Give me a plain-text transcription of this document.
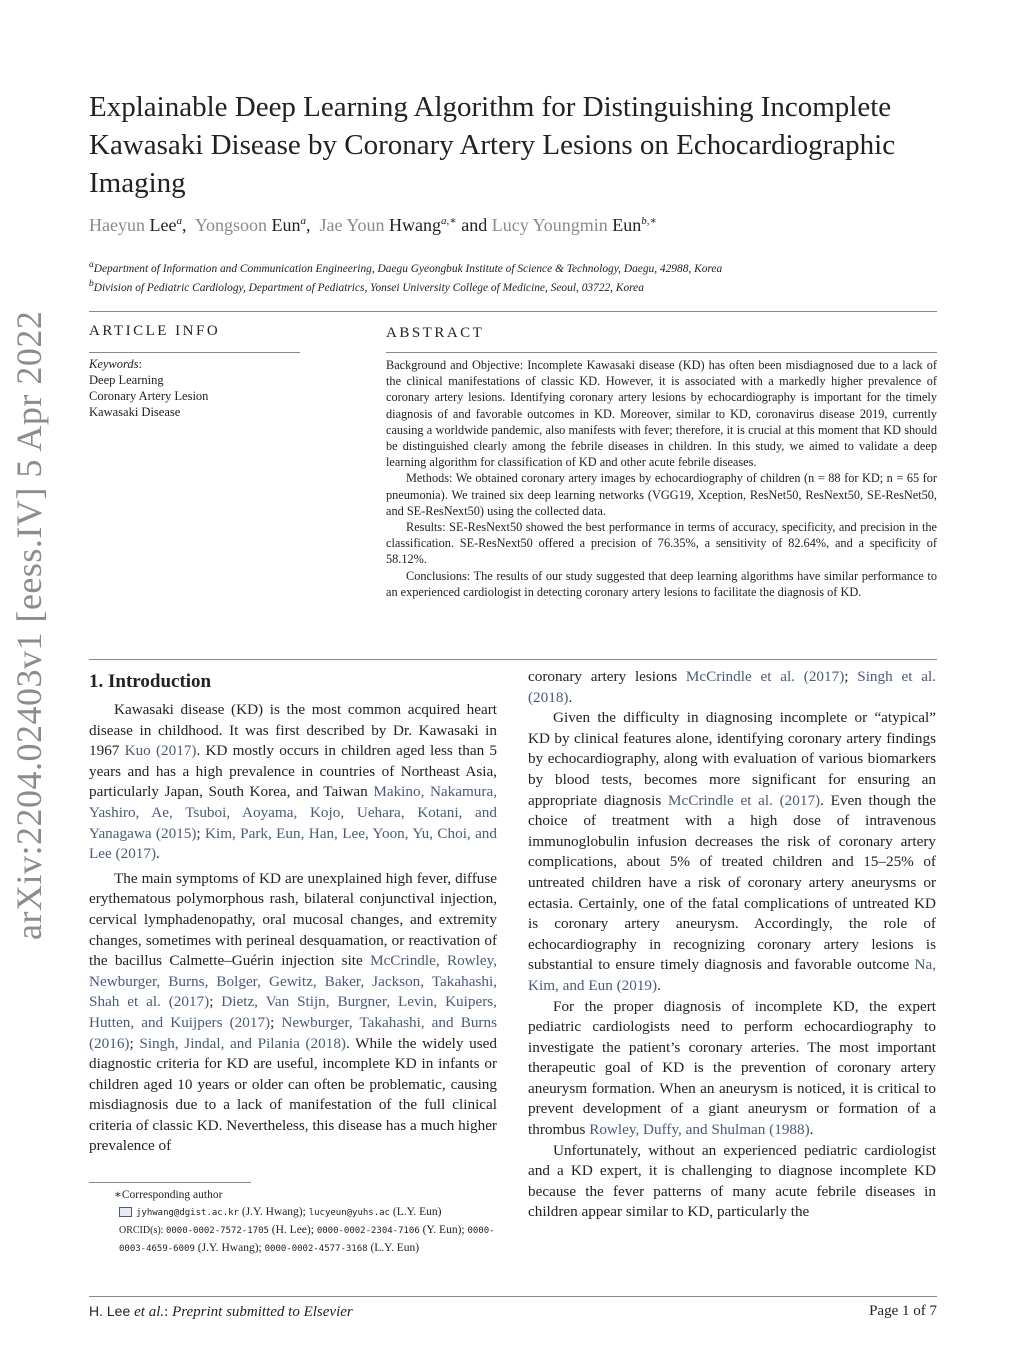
arXiv:2204.02403v1 [eess.IV] 5 Apr 2022
Explainable Deep Learning Algorithm for Distinguishing Incomplete Kawasaki Disease by Coronary Artery Lesions on Echocardiographic Imaging
Haeyun Lee$^a$,  Yongsoon Eun$^a$,  Jae Youn Hwang$^{a,∗}$ and Lucy Youngmin Eun$^{b,∗}$
$^a$Department of Information and Communication Engineering, Daegu Gyeongbuk Institute of Science & Technology, Daegu, 42988, Korea
$^b$Division of Pediatric Cardiology, Department of Pediatrics, Yonsei University College of Medicine, Seoul, 03722, Korea
ARTICLE INFO
Keywords:
Deep Learning
Coronary Artery Lesion
Kawasaki Disease
ABSTRACT

Background and Objective: Incomplete Kawasaki disease (KD) has often been misdiagnosed due to a lack of the clinical manifestations of classic KD. However, it is associated with a markedly higher prevalence of coronary artery lesions. Identifying coronary artery lesions by echocardiography is important for the timely diagnosis of and favorable outcomes in KD. Moreover, similar to KD, coronavirus disease 2019, currently causing a worldwide pandemic, also manifests with fever; therefore, it is crucial at this moment that KD should be distinguished clearly among the febrile diseases in children. In this study, we aimed to validate a deep learning algorithm for classification of KD and other acute febrile diseases.

Methods: We obtained coronary artery images by echocardiography of children (n = 88 for KD; n = 65 for pneumonia). We trained six deep learning networks (VGG19, Xception, ResNet50, ResNext50, SE-ResNet50, and SE-ResNext50) using the collected data.

Results: SE-ResNext50 showed the best performance in terms of accuracy, specificity, and precision in the classification. SE-ResNext50 offered a precision of 76.35%, a sensitivity of 82.64%, and a specificity of 58.12%.

Conclusions: The results of our study suggested that deep learning algorithms have similar performance to an experienced cardiologist in detecting coronary artery lesions to facilitate the diagnosis of KD.

1. Introduction

Kawasaki disease (KD) is the most common acquired heart disease in childhood. It was first described by Dr. Kawasaki in 1967 Kuo (2017). KD mostly occurs in children aged less than 5 years and has a high prevalence in countries of Northeast Asia, particularly Japan, South Korea, and Taiwan Makino, Nakamura, Yashiro, Ae, Tsuboi, Aoyama, Kojo, Uehara, Kotani, and Yanagawa (2015); Kim, Park, Eun, Han, Lee, Yoon, Yu, Choi, and Lee (2017).

The main symptoms of KD are unexplained high fever, diffuse erythematous polymorphous rash, bilateral conjunctival injection, cervical lymphadenopathy, oral mucosal changes, and extremity changes, sometimes with perineal desquamation, or reactivation of the bacillus Calmette–Guérin injection site McCrindle, Rowley, Newburger, Burns, Bolger, Gewitz, Baker, Jackson, Takahashi, Shah et al. (2017); Dietz, Van Stijn, Burgner, Levin, Kuipers, Hutten, and Kuijpers (2017); Newburger, Takahashi, and Burns (2016); Singh, Jindal, and Pilania (2018). While the widely used diagnostic criteria for KD are useful, incomplete KD in infants or children aged 10 years or older can often be problematic, causing misdiagnosis due to a lack of manifestation of the full clinical criteria of classic KD. Nevertheless, this disease has a much higher prevalence of

coronary artery lesions McCrindle et al. (2017); Singh et al. (2018).

Given the difficulty in diagnosing incomplete or “atypical” KD by clinical features alone, identifying coronary artery findings by echocardiography, along with evaluation of various biomarkers by blood tests, becomes more significant for ensuring an appropriate diagnosis McCrindle et al. (2017). Even though the choice of treatment with a high dose of intravenous immunoglobulin infusion decreases the risk of coronary artery complications, about 5% of treated children and 15–25% of untreated children have a risk of coronary artery aneurysms or ectasia. Certainly, one of the fatal complications of untreated KD is coronary artery aneurysm. Accordingly, the role of echocardiography in recognizing coronary artery lesions is substantial to ensure timely diagnosis and favorable outcome Na, Kim, and Eun (2019).

For the proper diagnosis of incomplete KD, the expert pediatric cardiologists need to perform echocardiography to investigate the patient’s coronary arteries. The most important therapeutic goal of KD is the prevention of coronary artery aneurysm formation. When an aneurysm is noticed, it is critical to prevent development of a giant aneurysm or formation of a thrombus Rowley, Duffy, and Shulman (1988).

Unfortunately, without an experienced pediatric cardiologist and a KD expert, it is challenging to diagnose incomplete KD because the fever patterns of many acute febrile diseases in children appear similar to KD, particularly the

∗Corresponding author
jyhwang@dgist.ac.kr (J.Y. Hwang); lucyeun@yuhs.ac (L.Y. Eun)
ORCID(s): 0000-0002-7572-1705 (H. Lee); 0000-0002-2304-7106 (Y. Eun); 0000-0003-4659-6009 (J.Y. Hwang); 0000-0002-4577-3168 (L.Y. Eun)
H. Lee et al.: Preprint submitted to Elsevier	Page 1 of 7
